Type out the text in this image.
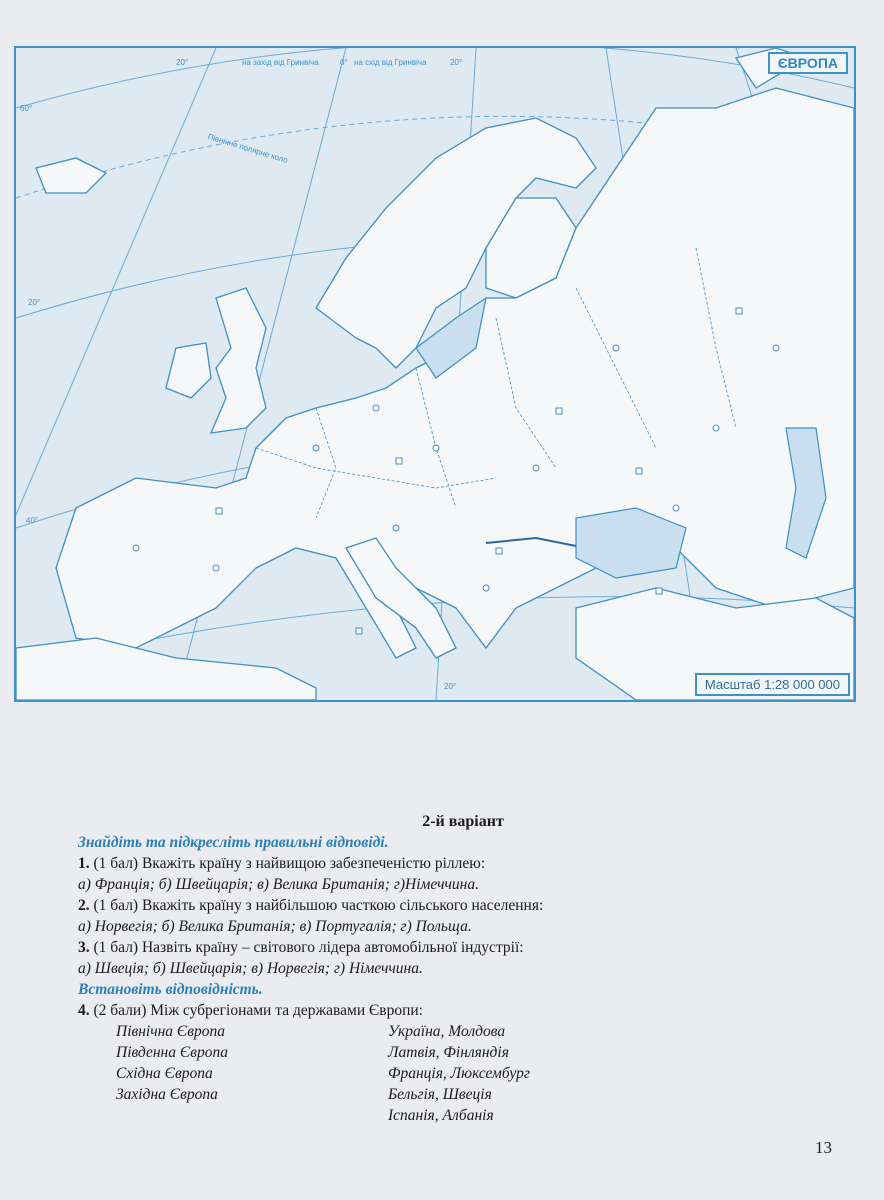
на захід від Гринвіча	0° на схід від Гринвіча
20°	20°
Північне полярне коло
60°
20°
40°
20°
ЄВРОПА
Масштаб 1:28 000 000
2-й варіант
Знайдіть та підкресліть правильні відповіді.
1. (1 бал) Вкажіть країну з найвищою забезпеченістю ріллею:
а) Франція; б) Швейцарія; в) Велика Британія; г)Німеччина.
2. (1 бал) Вкажіть країну з найбільшою часткою сільського населення:
а) Норвегія; б) Велика Британія; в) Португалія; г) Польща.
3. (1 бал) Назвіть країну – світового лідера автомобільної індустрії:
а) Швеція; б) Швейцарія; в) Норвегія; г) Німеччина.
Встановіть відповідність.
4. (2 бали) Між субрегіонами та державами Європи:
Північна Європа
Південна Європа
Східна Європа
Західна Європа
Україна, Молдова
Латвія, Фінляндія
Франція, Люксембург
Бельгія, Швеція
Іспанія, Албанія
13
